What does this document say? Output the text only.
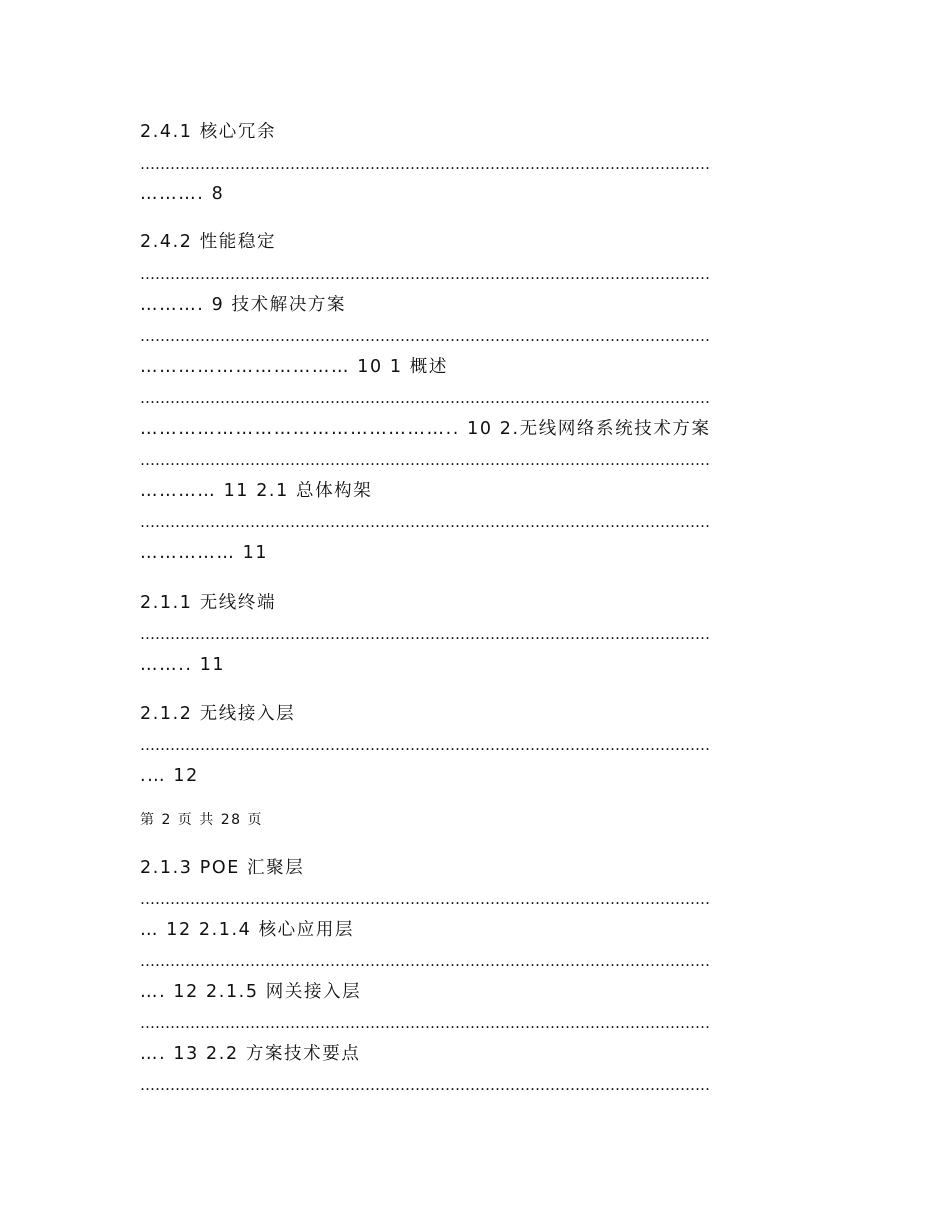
2.4.1 核心冗余
……………………………………………………………………………………………………
………. 8
2.4.2 性能稳定
……………………………………………………………………………………………………
………. 9 技术解决方案
……………………………………………………………………………………………………
…………………………… 10 1 概述
……………………………………………………………………………………………………
………………………………………….. 10 2.无线网络系统技术方案
……………………………………………………………………………………………………
………… 11 2.1 总体构架
……………………………………………………………………………………………………
…………… 11
2.1.1 无线终端
……………………………………………………………………………………………………
…….. 11
2.1.2 无线接入层
……………………………………………………………………………………………………
.… 12
第 2 页 共 28 页
2.1.3 POE 汇聚层
……………………………………………………………………………………………………
… 12 2.1.4 核心应用层
……………………………………………………………………………………………………
…. 12 2.1.5 网关接入层
……………………………………………………………………………………………………
…. 13 2.2 方案技术要点
……………………………………………………………………………………………………
